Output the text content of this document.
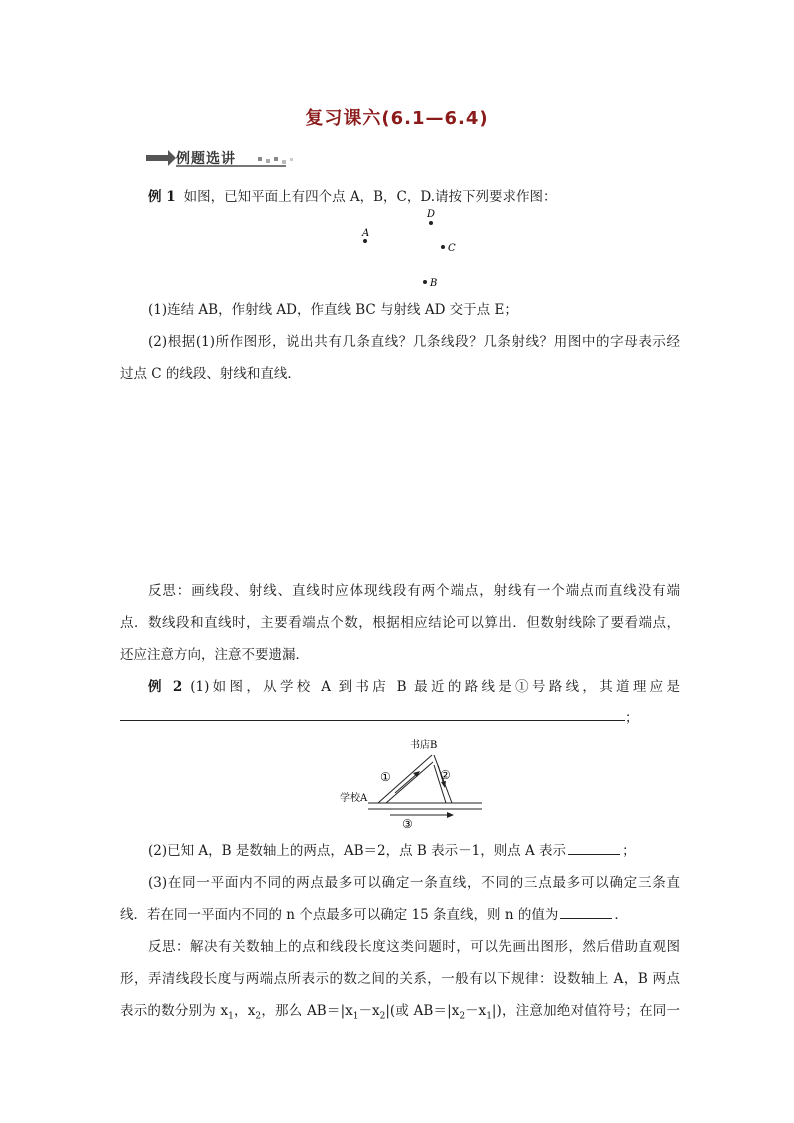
复习课六(6.1—6.4)
例题选讲
例 1 如图，已知平面上有四个点 A，B，C，D.请按下列要求作图：
D
A
C
B
(1)连结 AB，作射线 AD，作直线 BC 与射线 AD 交于点 E；
(2)根据(1)所作图形，说出共有几条直线？几条线段？几条射线？用图中的字母表示经
过点 C 的线段、射线和直线．
反思：画线段、射线、直线时应体现线段有两个端点，射线有一个端点而直线没有端
点．数线段和直线时，主要看端点个数，根据相应结论可以算出．但数射线除了要看端点，
还应注意方向，注意不要遗漏．
例 2 (1)如图，从学校 A 到书店 B 最近的路线是①号路线，其道理应是
；
书店B
学校A
①	②
③
(2)已知 A，B 是数轴上的两点，AB＝2，点 B 表示－1，则点 A 表示	；
(3)在同一平面内不同的两点最多可以确定一条直线，不同的三点最多可以确定三条直
线．若在同一平面内不同的 n 个点最多可以确定 15 条直线，则 n 的值为	．
反思：解决有关数轴上的点和线段长度这类问题时，可以先画出图形，然后借助直观图
形，弄清线段长度与两端点所表示的数之间的关系，一般有以下规律：设数轴上 A，B 两点
表示的数分别为 $x_1$，$x_2$，那么 $AB=|x_1-x_2|$(或 $AB=|x_2-x_1|$)，注意加绝对值符号；在同一
